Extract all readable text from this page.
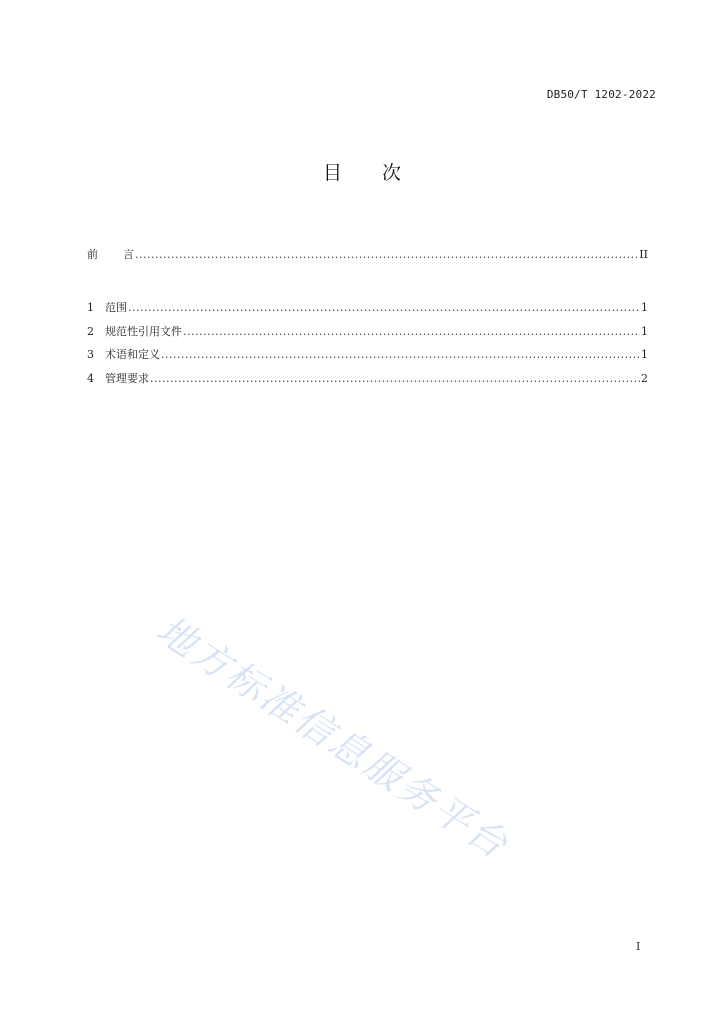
DB50/T 1202-2022
目 次
前 言 .....	II
1	范围 .....	1
2	规范性引用文件 .....	1
3	术语和定义 .....	1
4	管理要求 .....	2
地方标准信息服务平台
I
